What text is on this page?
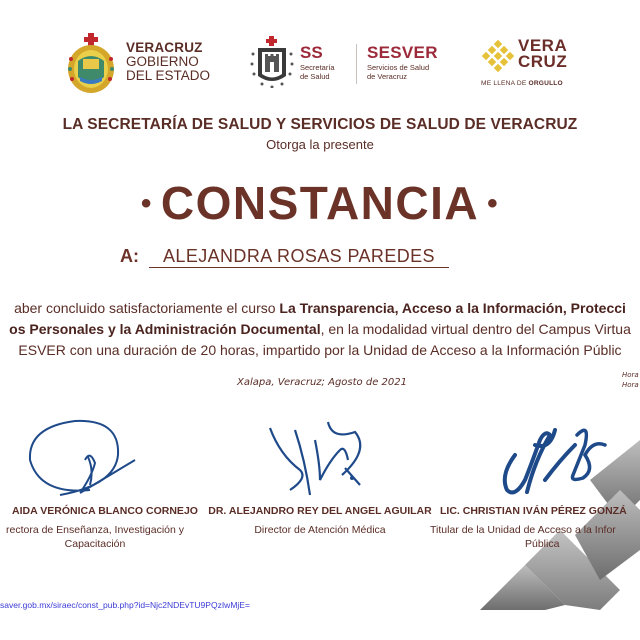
VERACRUZ
GOBIERNO
DEL ESTADO
SS
Secretaría
de Salud
SESVER
Servicios de Salud
de Veracruz
VERA
CRUZ
ME LLENA DE ORGULLO
LA SECRETARÍA DE SALUD Y SERVICIOS DE SALUD DE VERACRUZ
Otorga la presente
• CONSTANCIA •
A: ALEJANDRA ROSAS PAREDES
aber concluido satisfactoriamente el curso La Transparencia, Acceso a la Información, Protecci
os Personales y la Administración Documental, en la modalidad virtual dentro del Campus Virtua
ESVER con una duración de 20 horas, impartido por la Unidad de Acceso a la Información Públic
Xalapa, Veracruz; Agosto de 2021
Hora
Hora
AIDA VERÓNICA BLANCO CORNEJO
rectora de Enseñanza, Investigación y
Capacitación
DR. ALEJANDRO REY DEL ANGEL AGUILAR
Director de Atención Médica
LIC. CHRISTIAN IVÁN PÉREZ GONZÁ
Titular de la Unidad de Acceso a la Infor
Pública
saver.gob.mx/siraec/const_pub.php?id=Njc2NDEvTU9PQzIwMjE=
